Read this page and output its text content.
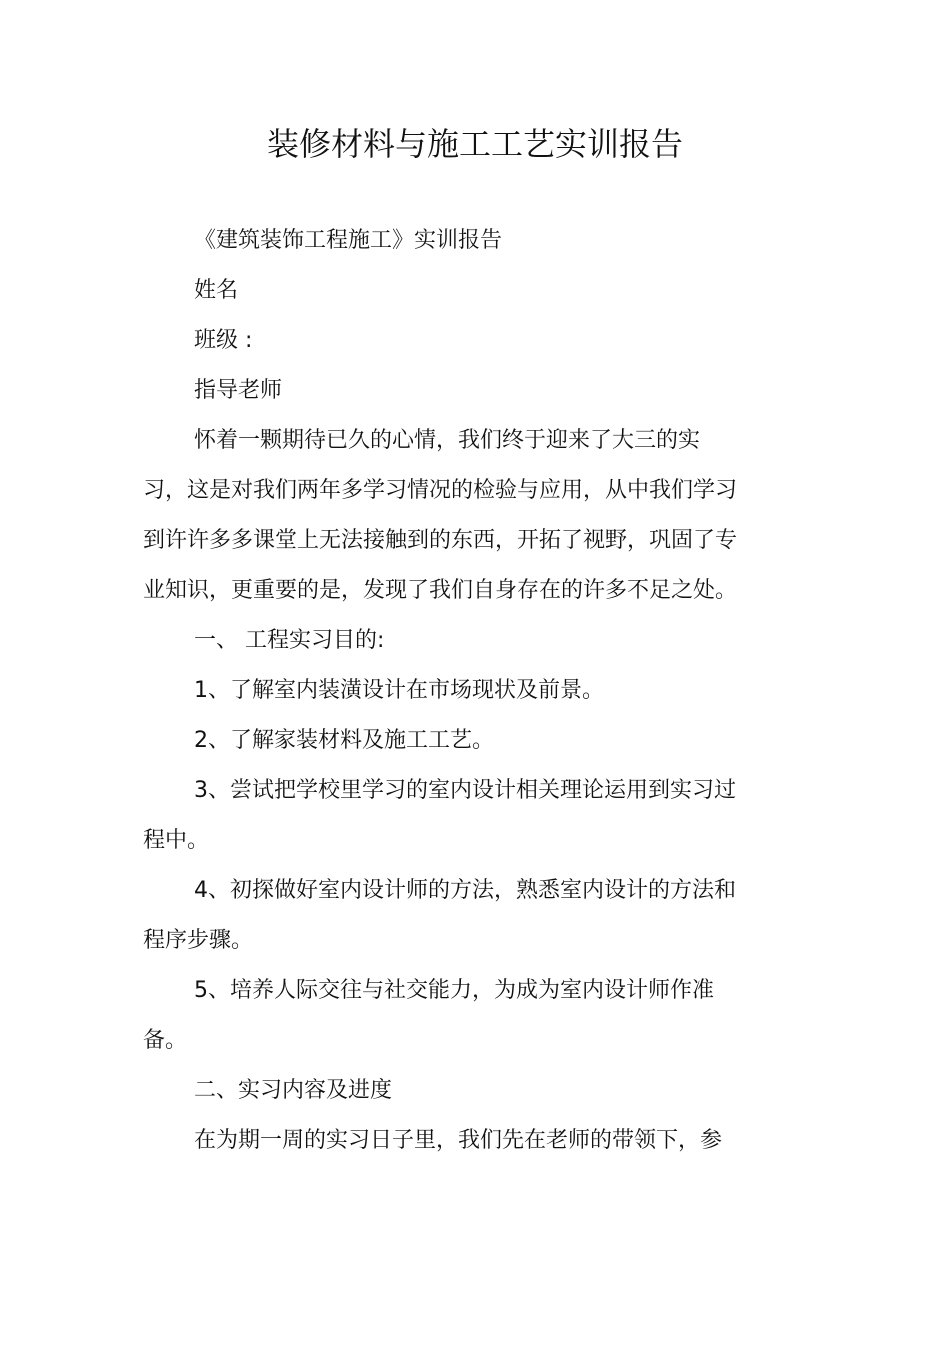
装修材料与施工工艺实训报告

《建筑装饰工程施工》实训报告

姓名

班级 :

指导老师

怀着一颗期待已久的心情，我们终于迎来了大三的实习，这是对我们两年多学习情况的检验与应用，从中我们学习到许许多多课堂上无法接触到的东西，开拓了视野，巩固了专业知识，更重要的是，发现了我们自身存在的许多不足之处。

一、 工程实习目的:

1、了解室内装潢设计在市场现状及前景。

2、了解家装材料及施工工艺。

3、尝试把学校里学习的室内设计相关理论运用到实习过程中。

4、初探做好室内设计师的方法，熟悉室内设计的方法和程序步骤。

5、培养人际交往与社交能力，为成为室内设计师作准备。

二、实习内容及进度

在为期一周的实习日子里，我们先在老师的带领下，参
